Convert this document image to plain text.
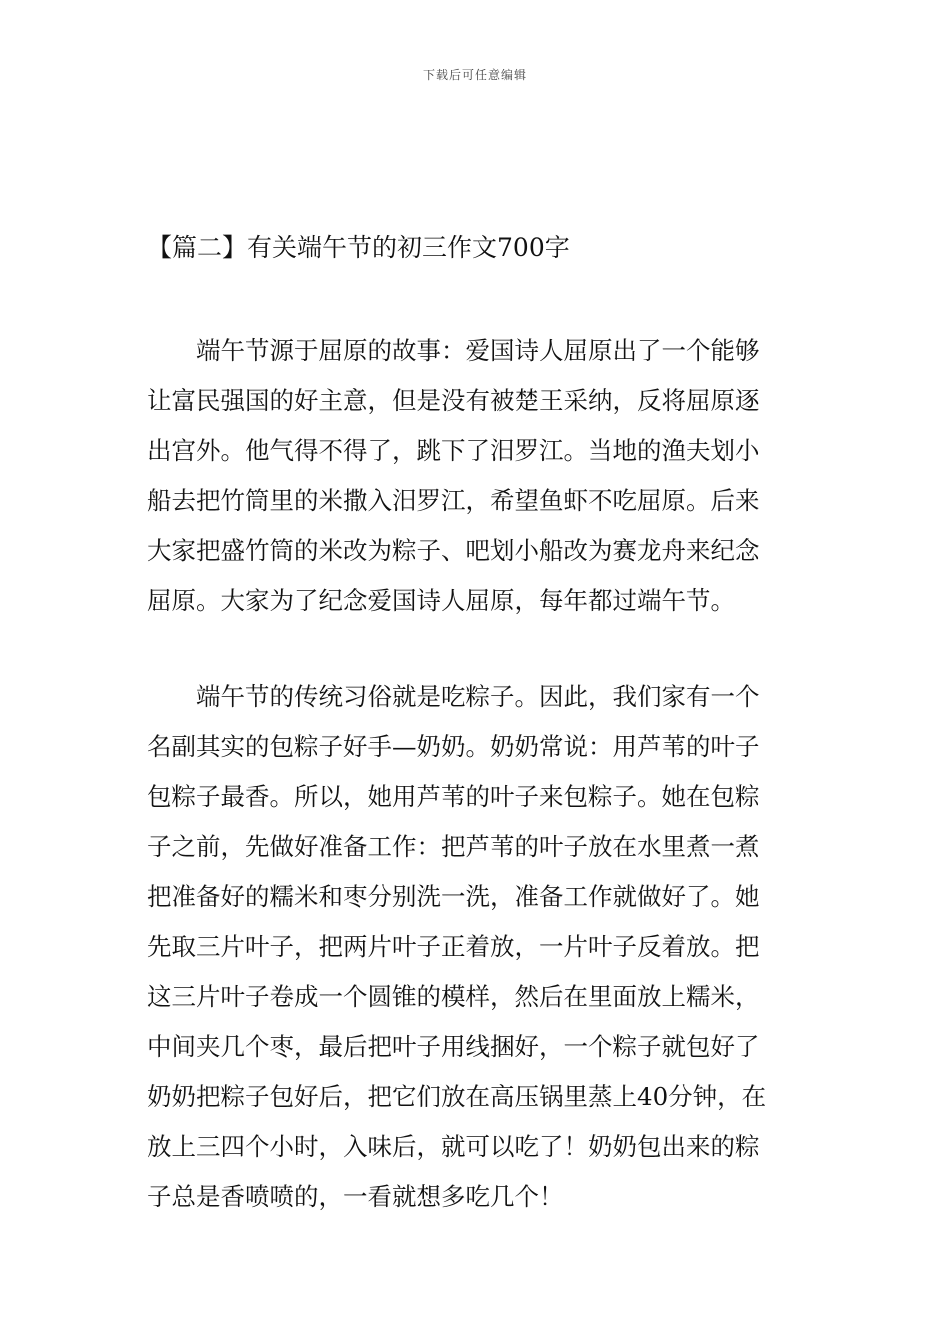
下载后可任意编辑
【篇二】有关端午节的初三作文700字
端午节源于屈原的故事：爱国诗人屈原出了一个能够
让富民强国的好主意，但是没有被楚王采纳，反将屈原逐
出宫外。他气得不得了，跳下了汨罗江。当地的渔夫划小
船去把竹筒里的米撒入汨罗江，希望鱼虾不吃屈原。后来
大家把盛竹筒的米改为粽子、吧划小船改为赛龙舟来纪念
屈原。大家为了纪念爱国诗人屈原，每年都过端午节。
端午节的传统习俗就是吃粽子。因此，我们家有一个
名副其实的包粽子好手—奶奶。奶奶常说：用芦苇的叶子
包粽子最香。所以，她用芦苇的叶子来包粽子。她在包粽
子之前，先做好准备工作：把芦苇的叶子放在水里煮一煮
把准备好的糯米和枣分别洗一洗，准备工作就做好了。她
先取三片叶子，把两片叶子正着放，一片叶子反着放。把
这三片叶子卷成一个圆锥的模样，然后在里面放上糯米，
中间夹几个枣，最后把叶子用线捆好，一个粽子就包好了
奶奶把粽子包好后，把它们放在高压锅里蒸上40分钟，在
放上三四个小时，入味后，就可以吃了！奶奶包出来的粽
子总是香喷喷的，一看就想多吃几个！
